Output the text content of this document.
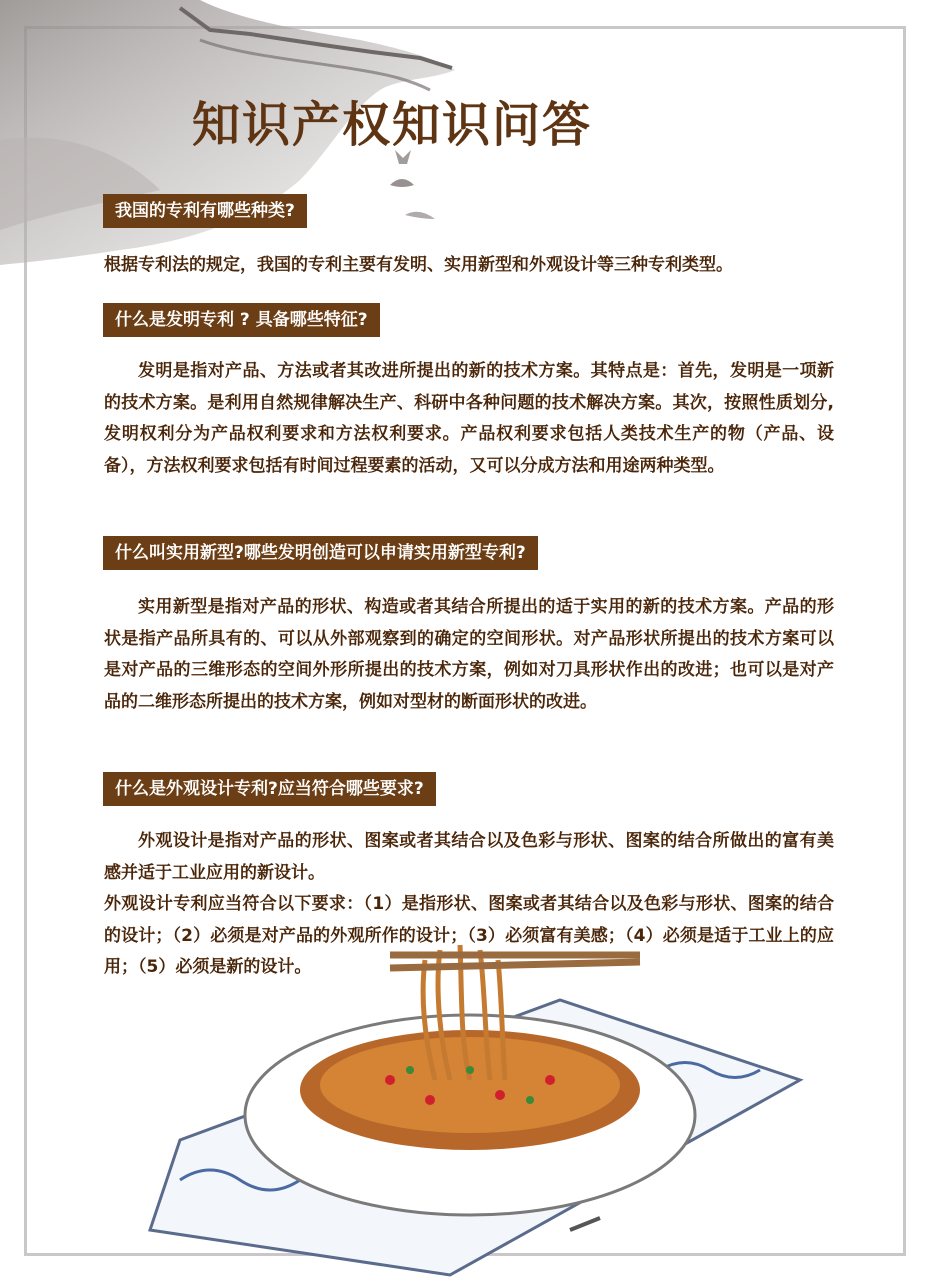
知识产权知识问答
我国的专利有哪些种类?

根据专利法的规定，我国的专利主要有发明、实用新型和外观设计等三种专利类型。

什么是发明专利 ? 具备哪些特征?

发明是指对产品、方法或者其改进所提出的新的技术方案。其特点是：首先，发明是一项新的技术方案。是利用自然规律解决生产、科研中各种问题的技术解决方案。其次，按照性质划分,发明权利分为产品权利要求和方法权利要求。产品权利要求包括人类技术生产的物（产品、设备），方法权利要求包括有时间过程要素的活动，又可以分成方法和用途两种类型。

什么叫实用新型?哪些发明创造可以申请实用新型专利?

实用新型是指对产品的形状、构造或者其结合所提出的适于实用的新的技术方案。产品的形状是指产品所具有的、可以从外部观察到的确定的空间形状。对产品形状所提出的技术方案可以是对产品的三维形态的空间外形所提出的技术方案，例如对刀具形状作出的改进；也可以是对产品的二维形态所提出的技术方案，例如对型材的断面形状的改进。

什么是外观设计专利?应当符合哪些要求?

外观设计是指对产品的形状、图案或者其结合以及色彩与形状、图案的结合所做出的富有美感并适于工业应用的新设计。

外观设计专利应当符合以下要求：（1）是指形状、图案或者其结合以及色彩与形状、图案的结合的设计；（2）必须是对产品的外观所作的设计；（3）必须富有美感；（4）必须是适于工业上的应用；（5）必须是新的设计。
